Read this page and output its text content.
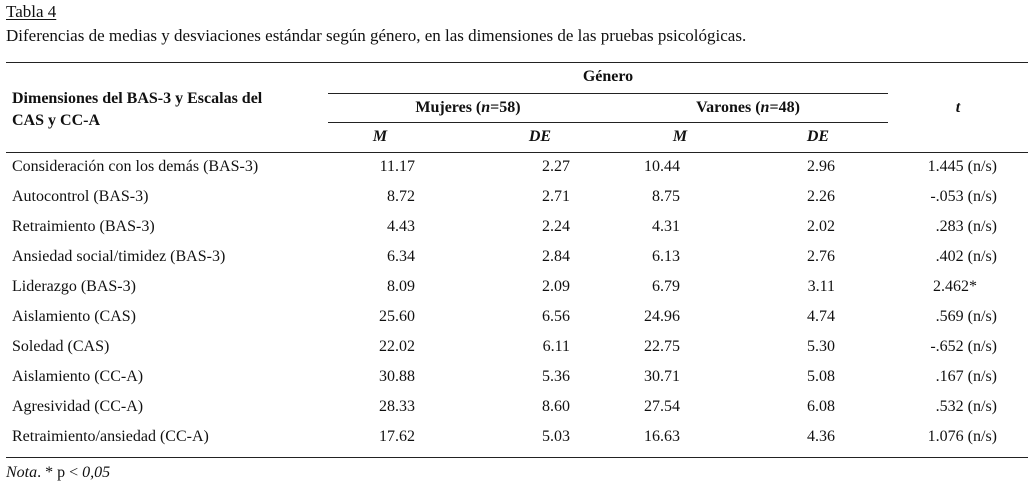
Tabla 4
Diferencias de medias y desviaciones estándar según género, en las dimensiones de las pruebas psicológicas.
Dimensiones del BAS-3 y Escalas del
CAS y CC-A
Género
Mujeres (n=58)	Varones (n=48)
M	DE	M	DE
t
Consideración con los demás (BAS-3)	11.17	2.27	10.44	2.96	1.445 (n/s)
Autocontrol (BAS-3)	8.72	2.71	8.75	2.26	-.053 (n/s)
Retraimiento (BAS-3)	4.43	2.24	4.31	2.02	.283 (n/s)
Ansiedad social/timidez (BAS-3)	6.34	2.84	6.13	2.76	.402 (n/s)
Liderazgo (BAS-3)	8.09	2.09	6.79	3.11	2.462*
Aislamiento (CAS)	25.60	6.56	24.96	4.74	.569 (n/s)
Soledad (CAS)	22.02	6.11	22.75	5.30	-.652 (n/s)
Aislamiento (CC-A)	30.88	5.36	30.71	5.08	.167 (n/s)
Agresividad (CC-A)	28.33	8.60	27.54	6.08	.532 (n/s)
Retraimiento/ansiedad (CC-A)	17.62	5.03	16.63	4.36	1.076 (n/s)
Nota. * p < 0,05
